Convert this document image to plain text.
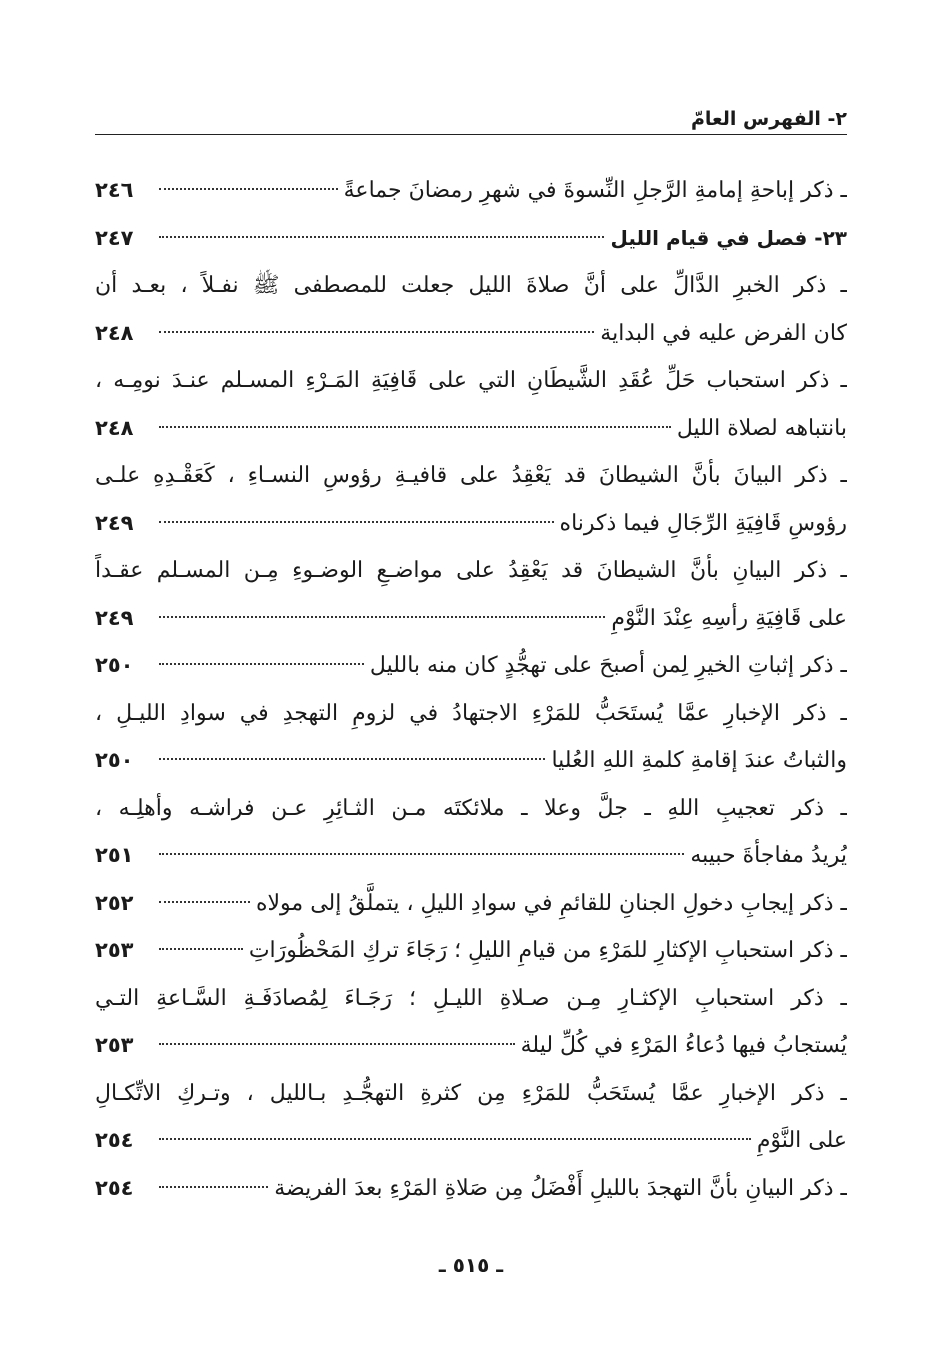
٢- الفهرس العامّ
ـ ذكر إباحةِ إمامةِ الرَّجلِ النِّسوةَ في شهرِ رمضانَ جماعةً
٢٤٦
٢٣- فصل في قيام الليل
٢٤٧
ـ ذكر الخبرِ الدَّالِّ على أنَّ صلاةَ الليل جعلت للمصطفى ﷺ نفـلاً ، بعـد أن
كان الفرض عليه في البداية
٢٤٨
ـ ذكر استحباب حَلِّ عُقَدِ الشَّيطَانِ التي على قَافِيَةِ المَـرْءِ المسـلم عنـدَ نومِـه ،
بانتباهه لصلاة الليل
٢٤٨
ـ ذكر البيانَ بأنَّ الشيطانَ قد يَعْقِدُ على قافيـةِ رؤوسِ النسـاءِ ، كَعَقْـدِهِ علـى
رؤوسِ قَافِيَةِ الرِّجَالِ فيما ذكرناه
٢٤٩
ـ ذكر البيانِ بأنَّ الشيطانَ قد يَعْقِدُ على مواضـعِ الوضـوءِ مِـن المسـلم عقـداً
على قَافِيَةِ رأسِهِ عِنْدَ النَّوْمِ
٢٤٩
ـ ذكر إثباتِ الخيرِ لِمن أصبحَ على تهجُّدٍ كان منه بالليل
٢٥٠
ـ ذكر الإخبارِ عمَّا يُستَحَبُّ للمَرْءِ الاجتهادُ في لزومِ التهجدِ في سوادِ الليـلِ ،
والثباتُ عندَ إقامةِ كلمةِ اللهِ العُليا
٢٥٠
ـ ذكر تعجيبِ اللهِ ـ جلَّ وعلا ـ ملائكتَه مـن الثـائِرِ عـن فراشـه وأهلِـه ،
يُريدُ مفاجأةَ حبيبه
٢٥١
ـ ذكر إيجابِ دخولِ الجنانِ للقائمِ في سوادِ الليلِ ، يتملَّقُ إلى مولاه
٢٥٢
ـ ذكر استحبابِ الإكثارِ للمَرْءِ من قيامِ الليلِ ؛ رَجَاءَ تركِ المَحْظُورَاتِ
٢٥٣
ـ ذكر استحبابِ الإكثـارِ مِـن صـلاةِ الليـلِ ؛ رَجَـاءَ لِمُصادَفَـةِ السَّـاعةِ التـي
يُستجابُ فيها دُعاءُ المَرْءِ في كُلِّ ليلة
٢٥٣
ـ ذكر الإخبارِ عمَّا يُستَحَبُّ للمَرْءِ مِن كثرةِ التهجُّـدِ بـالليل ، وتـركِ الاتِّكـالِ
على النَّوْمِ
٢٥٤
ـ ذكر البيانِ بأنَّ التهجدَ بالليلِ أَفْضَلُ مِن صَلاةِ المَرْءِ بعدَ الفريضة
٢٥٤
ـ ٥١٥ ـ
